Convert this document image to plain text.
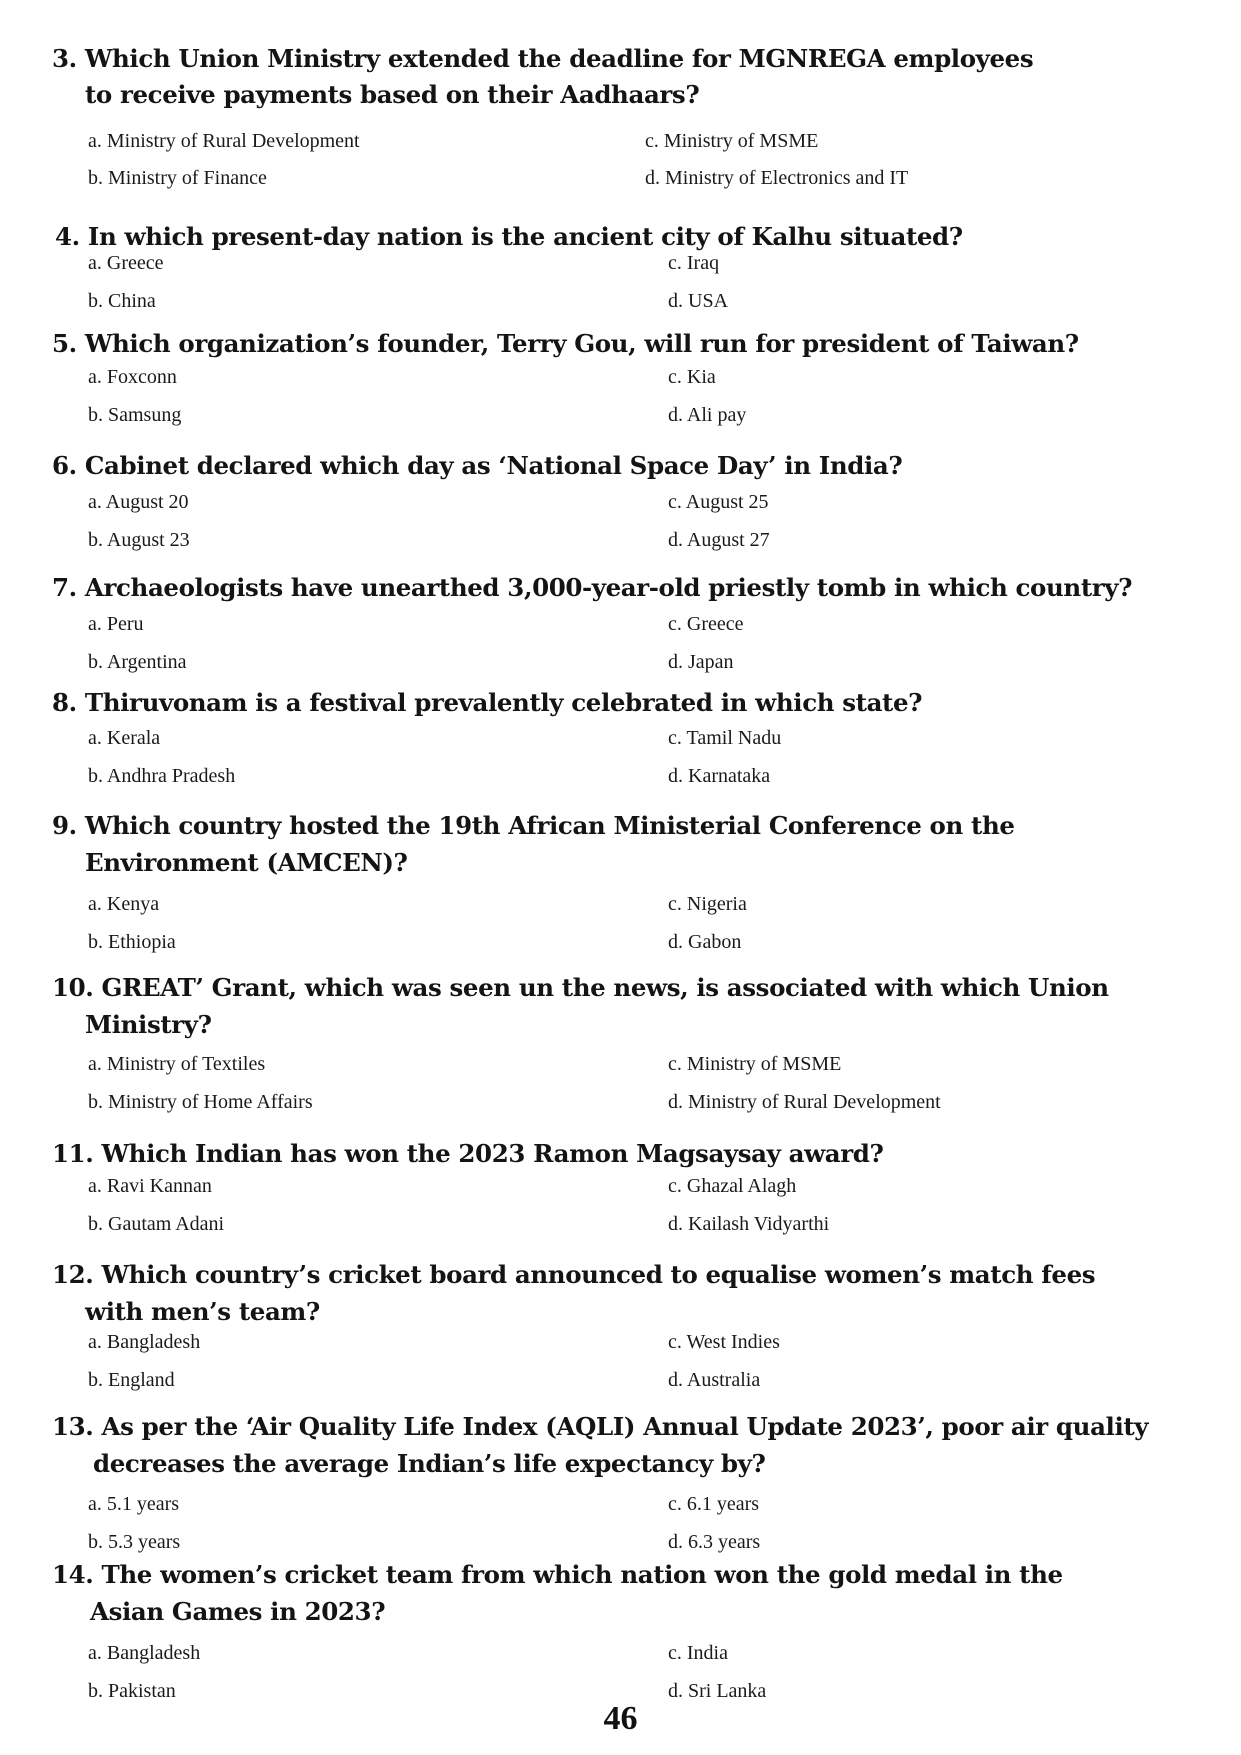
3. Which Union Ministry extended the deadline for MGNREGA employees
to receive payments based on their Aadhaars?
a. Ministry of Rural Development
b. Ministry of Finance
c. Ministry of MSME
d. Ministry of Electronics and IT
4. In which present-day nation is the ancient city of Kalhu situated?
a. Greece
b. China
c. Iraq
d. USA
5. Which organization’s founder, Terry Gou, will run for president of Taiwan?
a. Foxconn
b. Samsung
c. Kia
d. Ali pay
6. Cabinet declared which day as ‘National Space Day’ in India?
a. August 20
b. August 23
c. August 25
d. August 27
7. Archaeologists have unearthed 3,000-year-old priestly tomb in which country?
a. Peru
b. Argentina
c. Greece
d. Japan
8. Thiruvonam is a festival prevalently celebrated in which state?
a. Kerala
b. Andhra Pradesh
c. Tamil Nadu
d. Karnataka
9. Which country hosted the 19th African Ministerial Conference on the
Environment (AMCEN)?
a. Kenya
b. Ethiopia
c. Nigeria
d. Gabon
10. GREAT’ Grant, which was seen un the news, is associated with which Union
Ministry?
a. Ministry of Textiles
b. Ministry of Home Affairs
c. Ministry of MSME
d. Ministry of Rural Development
11. Which Indian has won the 2023 Ramon Magsaysay award?
a. Ravi Kannan
b. Gautam Adani
c. Ghazal Alagh
d. Kailash Vidyarthi
12. Which country’s cricket board announced to equalise women’s match fees
with men’s team?
a. Bangladesh
b. England
c. West Indies
d. Australia
13. As per the ‘Air Quality Life Index (AQLI) Annual Update 2023’, poor air quality
decreases the average Indian’s life expectancy by?
a. 5.1 years
b. 5.3 years
c. 6.1 years
d. 6.3 years
14. The women’s cricket team from which nation won the gold medal in the
Asian Games in 2023?
a. Bangladesh
b. Pakistan
c. India
d. Sri Lanka
46
